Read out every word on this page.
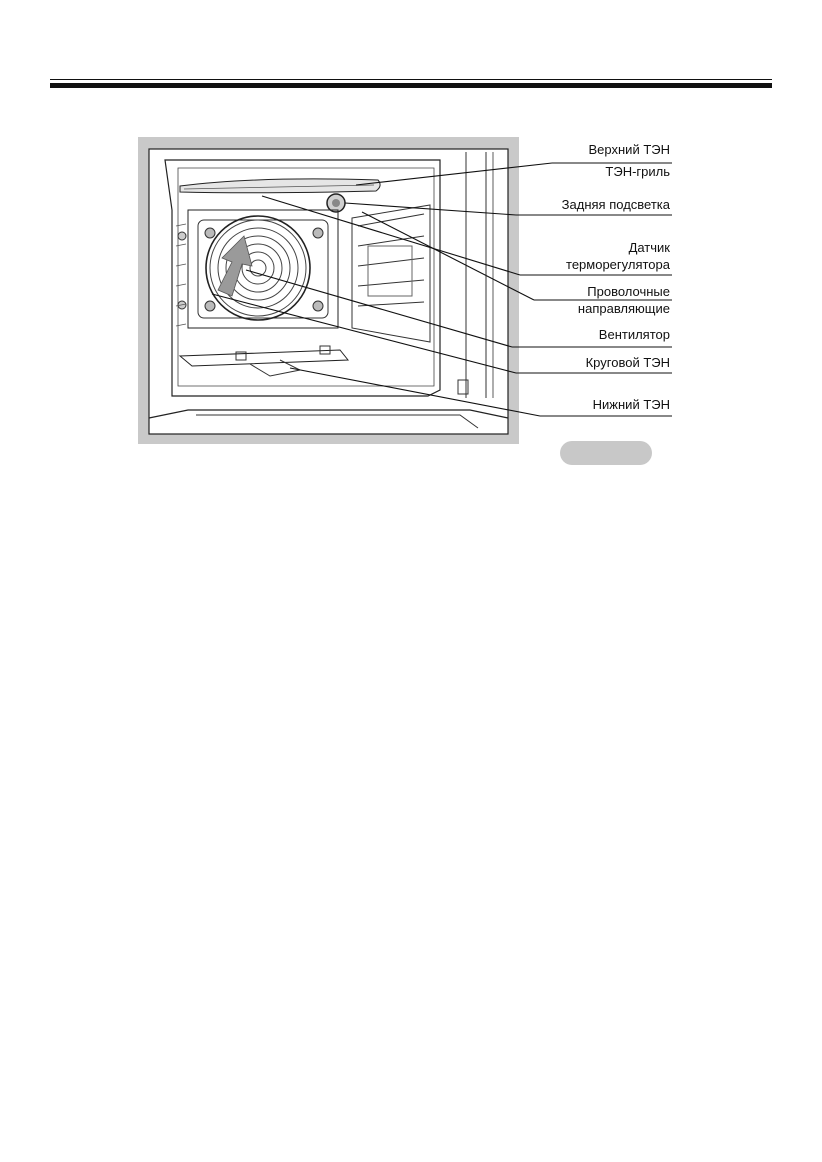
Верхний ТЭН
ТЭН-гриль
Задняя подсветка
Датчик
терморегулятора
Проволочные
направляющие
Вентилятор
Круговой ТЭН
Нижний ТЭН
